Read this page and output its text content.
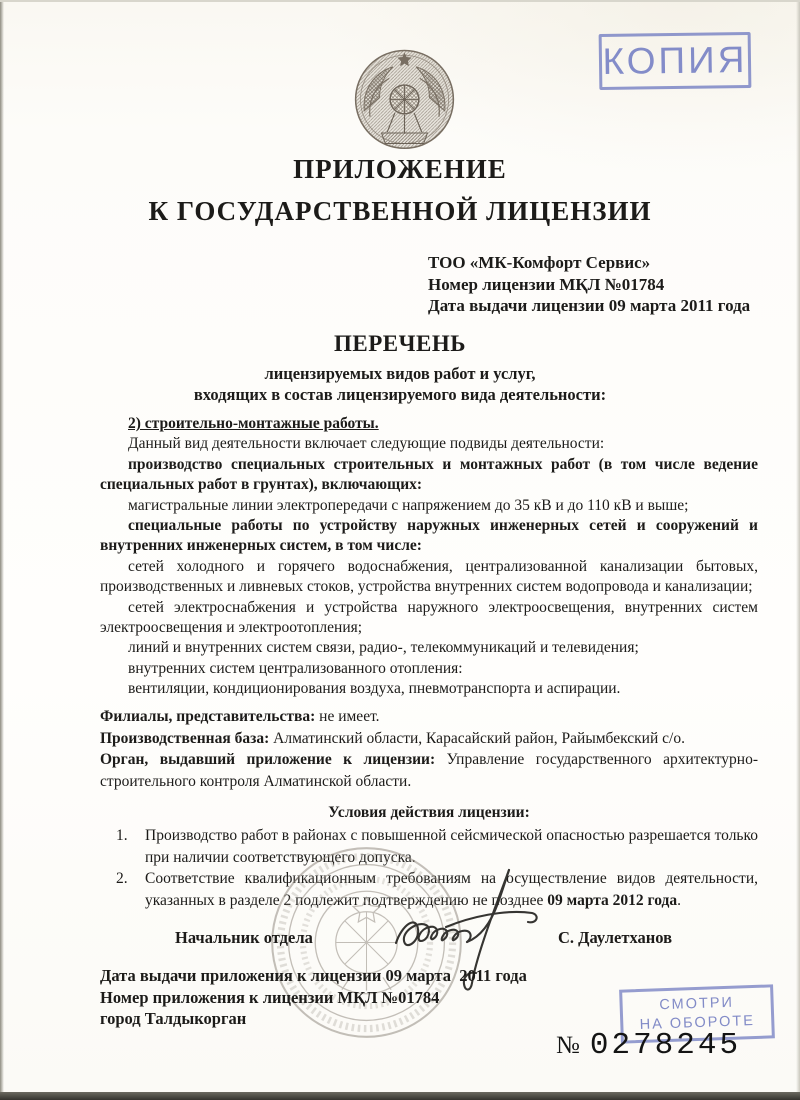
КОПИЯ
ПРИЛОЖЕНИЕ
К ГОСУДАРСТВЕННОЙ ЛИЦЕНЗИИ
ТОО «МК-Комфорт Сервис»
Номер лицензии МҚЛ №01784
Дата выдачи лицензии 09 марта 2011 года
ПЕРЕЧЕНЬ
лицензируемых видов работ и услуг,
входящих в состав лицензируемого вида деятельности:

2) строительно-монтажные работы.

Данный вид деятельности включает следующие подвиды деятельности:

производство специальных строительных и монтажных работ (в том числе ведение специальных работ в грунтах), включающих:

магистральные линии электропередачи с напряжением до 35 кВ и до 110 кВ и выше;

специальные работы по устройству наружных инженерных сетей и сооружений и внутренних инженерных систем, в том числе:

сетей холодного и горячего водоснабжения, централизованной канализации бытовых, производственных и ливневых стоков, устройства внутренних систем водопровода и канализации;

сетей электроснабжения и устройства наружного электроосвещения, внутренних систем электроосвещения и электроотопления;

линий и внутренних систем связи, радио-, телекоммуникаций и телевидения;

внутренних систем централизованного отопления:

вентиляции, кондиционирования воздуха, пневмотранспорта и аспирации.

Филиалы, представительства: не имеет.

Производственная база: Алматинский области, Карасайский район, Райымбекский с/о.

Орган, выдавший приложение к лицензии: Управление государственного архитектурно-строительного контроля Алматинской области.

Условия действия лицензии:

1. Производство работ в районах с повышенной сейсмической опасностью разрешается только при наличии соответствующего допуска.

2. Соответствие квалификационным требованиям на осуществление видов деятельности, указанных в разделе 2 подлежит подтверждению не позднее 09 марта 2012 года.

Начальник отдела	С. Даулетханов
Дата выдачи приложения к лицензии 09 марта  2011 года
Номер приложения к лицензии МҚЛ №01784
город Талдыкорган
СМОТРИ
НА ОБОРОТЕ
№ 0278245
